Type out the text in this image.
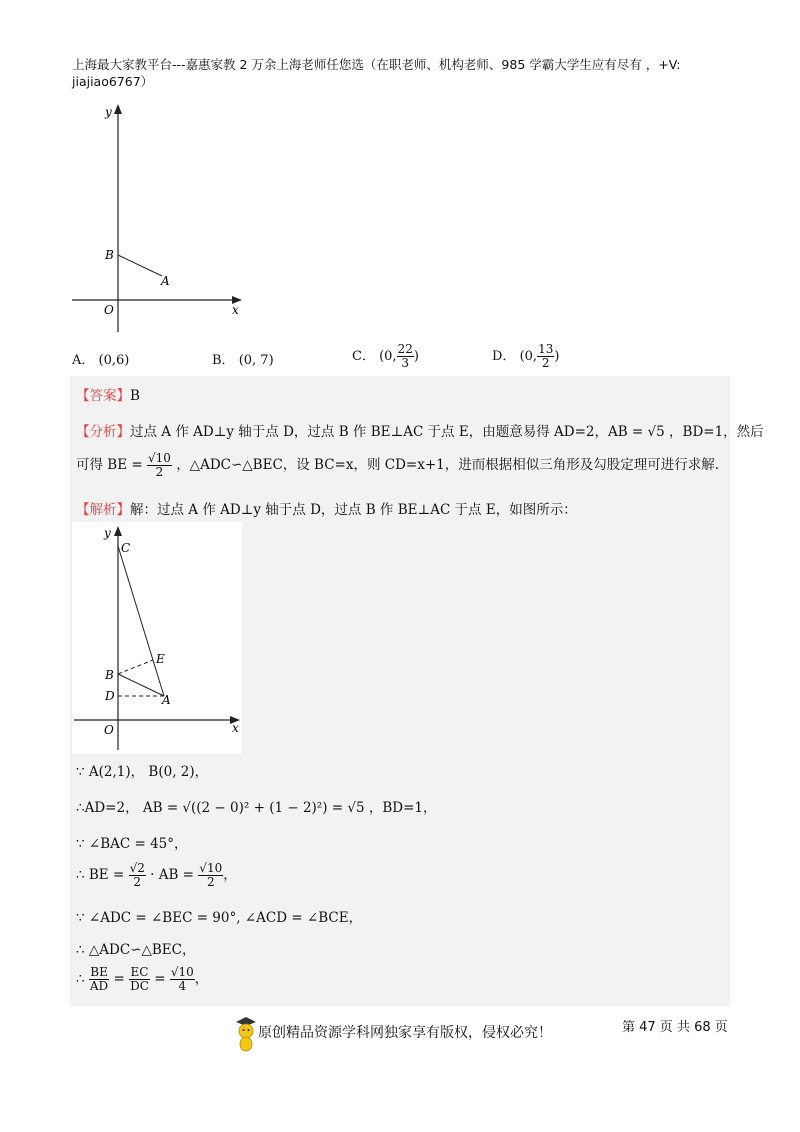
上海最大家教平台---嘉惠家教 2 万余上海老师任您选（在职老师、机构老师、985 学霸大学生应有尽有 ，+V: jiajiao6767）
y
x
O
B
A
A． (0,6)	B． (0, 7)	C． (0, $\frac{22}{3}$ )	D． (0, $\frac{13}{2}$ )
【答案】B
【分析】过点 A 作 AD⊥y 轴于点 D，过点 B 作 BE⊥AC 于点 E，由题意易得 AD=2，AB = √5 ，BD=1，然后
可得 BE = $\frac{√10}{2}$ ，△ADC∽△BEC，设 BC=x，则 CD=x+1，进而根据相似三角形及勾股定理可进行求解.
【解析】解：过点 A 作 AD⊥y 轴于点 D，过点 B 作 BE⊥AC 于点 E，如图所示：
y
x
O
C
B
E
D	A
∵ A(2,1)， B(0, 2)，
∴AD=2， AB = √((2 − 0)² + (1 − 2)²) = √5 ，BD=1，
∵ ∠BAC = 45°，
∴ BE = $\frac{√2}{2}$ · AB = $\frac{√10}{2}$ ，
∵ ∠ADC = ∠BEC = 90°, ∠ACD = ∠BCE，
∴ △ADC∽△BEC，
∴ $\frac{BE}{AD} = \frac{EC}{DC} = \frac{√10}{4}$ ，
原创精品资源学科网独家享有版权，侵权必究！	第 47 页 共 68 页
